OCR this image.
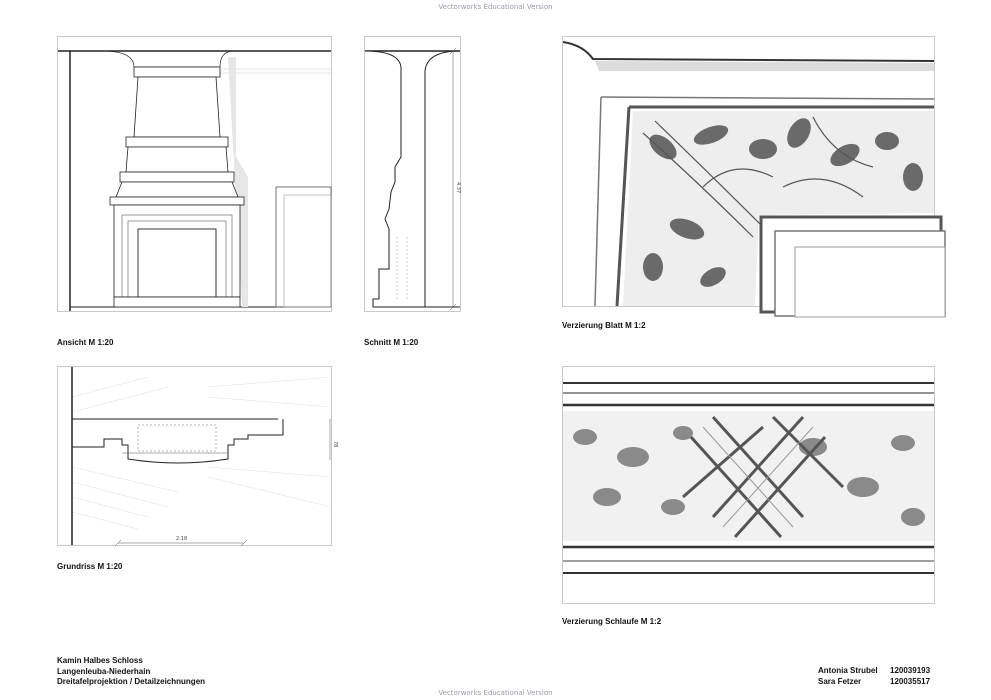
Vectorworks Educational Version
Vectorworks Educational Version
Ansicht M 1:20
4.37
Schnitt M 1:20
78
2.18
Grundriss M 1:20
Verzierung Blatt M 1:2
Verzierung Schlaufe M 1:2
Kamin Halbes Schloss
Langenleuba-Niederhain
Dreitafelprojektion / Detailzeichnungen
Antonia Strubel
Sara Fetzer
120039193
120035517
